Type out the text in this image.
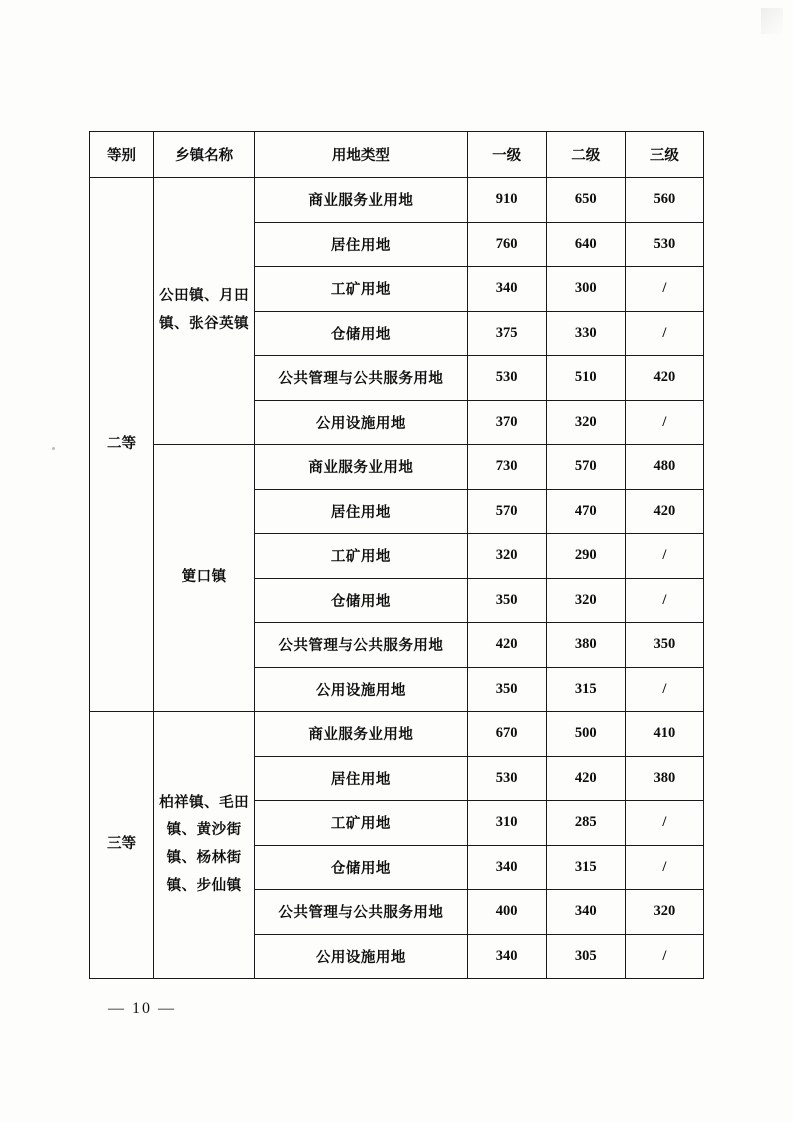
等别	乡镇名称	用地类型	一级	二级	三级
二等	公田镇、月田镇、张谷英镇	商业服务业用地	910	650	560
		居住用地	760	640	530
		工矿用地	340	300	/
		仓储用地	375	330	/
		公共管理与公共服务用地	530	510	420
		公用设施用地	370	320	/
	筻口镇	商业服务业用地	730	570	480
		居住用地	570	470	420
		工矿用地	320	290	/
		仓储用地	350	320	/
		公共管理与公共服务用地	420	380	350
		公用设施用地	350	315	/
三等	柏祥镇、毛田镇、黄沙街镇、杨林街镇、步仙镇	商业服务业用地	670	500	410
		居住用地	530	420	380
		工矿用地	310	285	/
		仓储用地	340	315	/
		公共管理与公共服务用地	400	340	320
		公用设施用地	340	305	/
— 10 —
